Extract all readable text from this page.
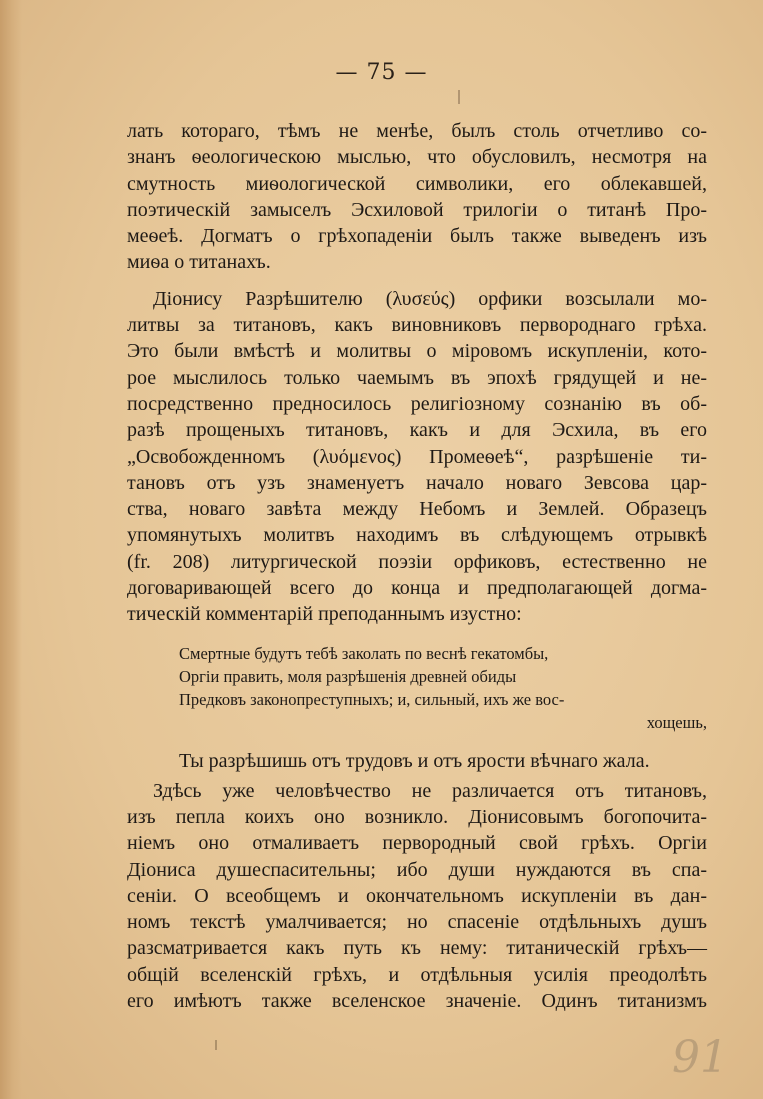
— 75 —
лать котораго, тѣмъ не менѣе, былъ столь отчетливо со-
знанъ ѳеологическою мыслью, что обусловилъ, несмотря на
смутность миѳологической символики, его облекавшей,
поэтическій замыселъ Эсхиловой трилогіи о титанѣ Про-
меѳеѣ. Догматъ о грѣхопаденіи былъ также выведенъ изъ
миѳа о титанахъ.
Діонису Разрѣшителю (λυσεύς) орфики возсылали мо-
литвы за титановъ, какъ виновниковъ первороднаго грѣха.
Это были вмѣстѣ и молитвы о міровомъ искупленіи, кото-
рое мыслилось только чаемымъ въ эпохѣ грядущей и не-
посредственно предносилось религіозному сознанію въ об-
разѣ прощеныхъ титановъ, какъ и для Эсхила, въ его
„Освобожденномъ (λυόμενος) Промеѳеѣ“, разрѣшеніе ти-
тановъ отъ узъ знаменуетъ начало новаго Зевсова цар-
ства, новаго завѣта между Небомъ и Землей. Образецъ
упомянутыхъ молитвъ находимъ въ слѣдующемъ отрывкѣ
(fr. 208) литургической поэзіи орфиковъ, естественно не
договаривающей всего до конца и предполагающей догма-
тическій комментарій преподаннымъ изустно:
Смертные будутъ тебѣ заколать по веснѣ гекатомбы,
Оргіи править, моля разрѣшенія древней обиды
Предковъ законопреступныхъ; и, сильный, ихъ же вос-
хощешь,
Ты разрѣшишь отъ трудовъ и отъ ярости вѣчнаго жала.
Здѣсь уже человѣчество не различается отъ титановъ,
изъ пепла коихъ оно возникло. Діонисовымъ богопочита-
ніемъ оно отмаливаетъ первородный свой грѣхъ. Оргіи
Діониса душеспасительны; ибо души нуждаются въ спа-
сеніи. О всеобщемъ и окончательномъ искупленіи въ дан-
номъ текстѣ умалчивается; но спасеніе отдѣльныхъ душъ
разсматривается какъ путь къ нему: титаническій грѣхъ—
общій вселенскій грѣхъ, и отдѣльныя усилія преодолѣть
его имѣютъ также вселенское значеніе. Одинъ титанизмъ
91
